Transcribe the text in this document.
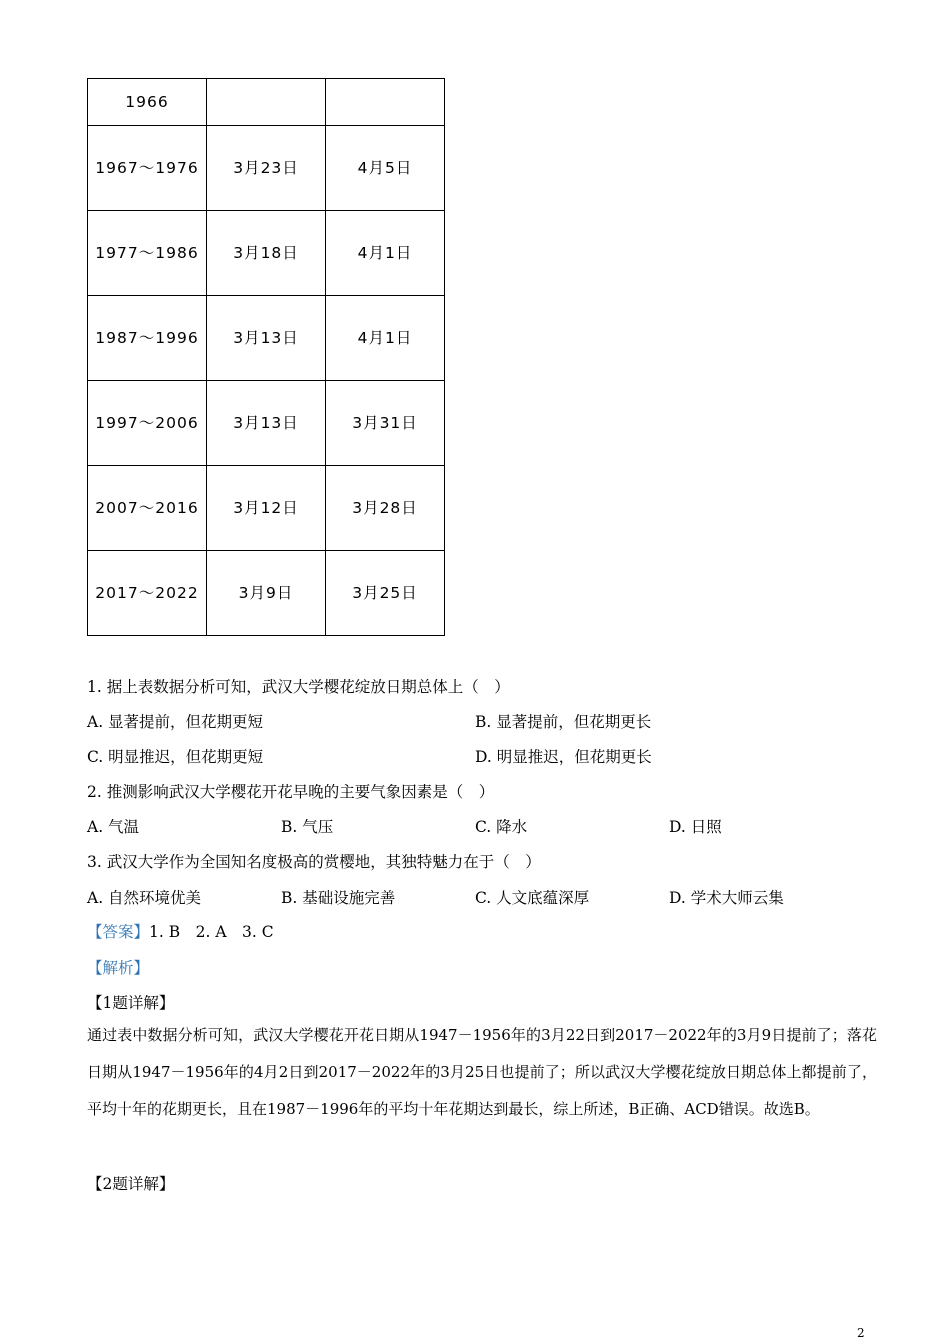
1966		
1967～1976	3月23日	4月5日
1977～1986	3月18日	4月1日
1987～1996	3月13日	4月1日
1997～2006	3月13日	3月31日
2007～2016	3月12日	3月28日
2017～2022	3月9日	3月25日
1. 据上表数据分析可知，武汉大学樱花绽放日期总体上（　）
A. 显著提前，但花期更短	B. 显著提前，但花期更长
C. 明显推迟，但花期更短	D. 明显推迟，但花期更长
2. 推测影响武汉大学樱花开花早晚的主要气象因素是（　）
A. 气温	B. 气压	C. 降水	D. 日照
3. 武汉大学作为全国知名度极高的赏樱地，其独特魅力在于（　）
A. 自然环境优美	B. 基础设施完善	C. 人文底蕴深厚	D. 学术大师云集
【答案】1. B　2. A　3. C
【解析】
【1题详解】
通过表中数据分析可知，武汉大学樱花开花日期从1947－1956年的3月22日到2017－2022年的3月9日提前了；落花日期从1947－1956年的4月2日到2017－2022年的3月25日也提前了；所以武汉大学樱花绽放日期总体上都提前了，平均十年的花期更长，且在1987－1996年的平均十年花期达到最长，综上所述，B正确、ACD错误。故选B。
【2题详解】
2
